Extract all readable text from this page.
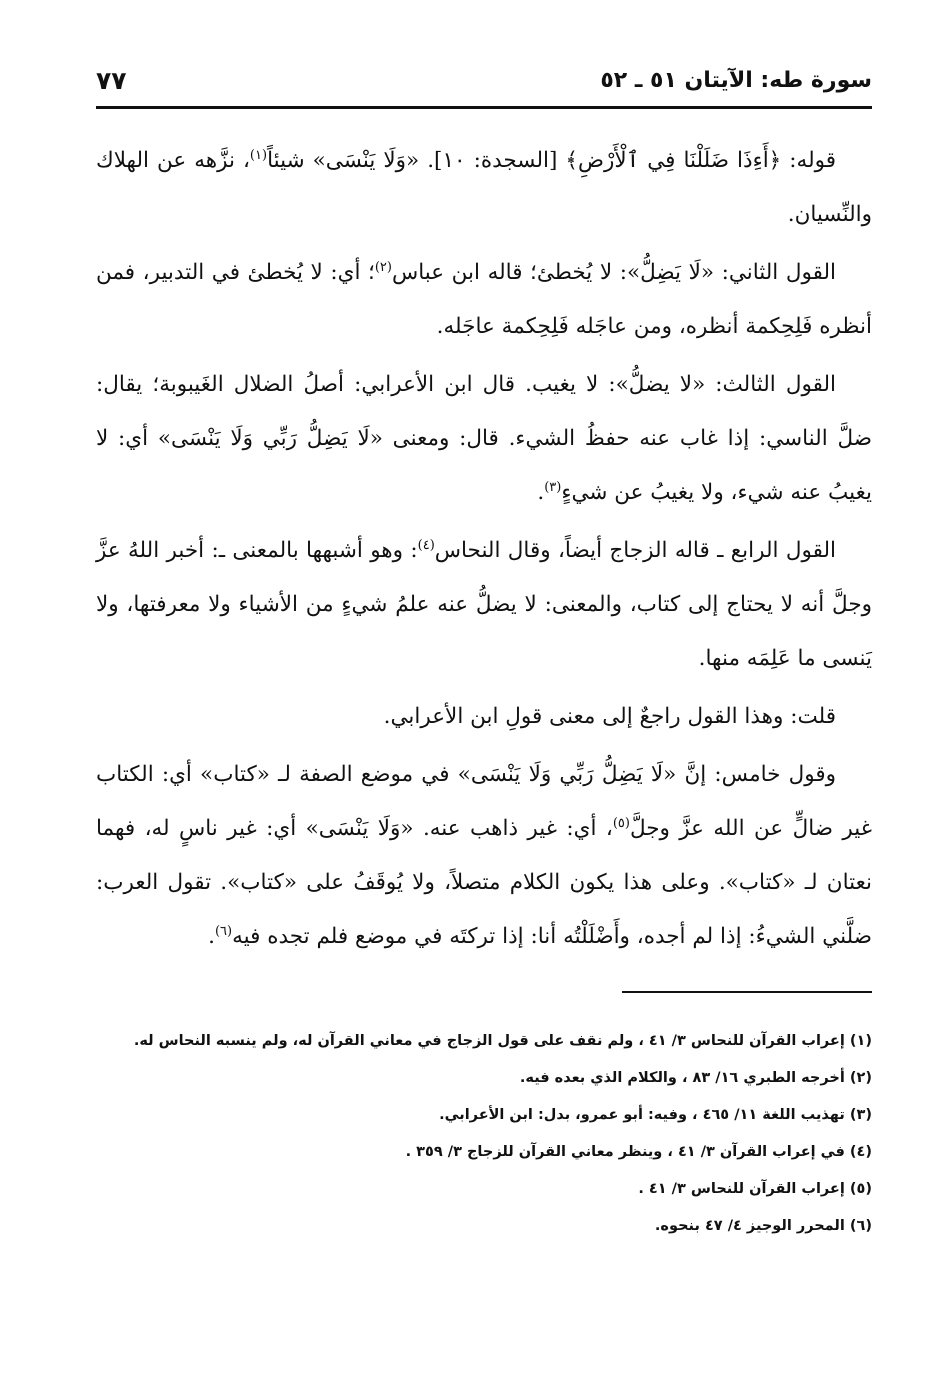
سورة طه: الآيتان ٥١ ـ ٥٢
٧٧

قوله: ﴿أَءِذَا ضَلَلْنَا فِي ٱلْأَرْضِ﴾ [السجدة: ١٠]. «وَلَا يَنْسَى» شيئاً$^{(١)}$، نزَّهه عن الهلاك والنِّسيان.

القول الثاني: «لَا يَضِلُّ»: لا يُخطئ؛ قاله ابن عباس$^{(٢)}$؛ أي: لا يُخطئ في التدبير، فمن أنظره فَلِحِكمة أنظره، ومن عاجَله فَلِحِكمة عاجَله.

القول الثالث: «لا يضلُّ»: لا يغيب. قال ابن الأعرابي: أصلُ الضلال الغَيبوبة؛ يقال: ضلَّ الناسي: إذا غاب عنه حفظُ الشيء. قال: ومعنى «لَا يَضِلُّ رَبِّي وَلَا يَنْسَى» أي: لا يغيبُ عنه شيء، ولا يغيبُ عن شيءٍ$^{(٣)}$.

القول الرابع ـ قاله الزجاج أيضاً، وقال النحاس$^{(٤)}$: وهو أشبهها بالمعنى ـ: أخبر اللهُ عزَّ وجلَّ أنه لا يحتاج إلى كتاب، والمعنى: لا يضلُّ عنه علمُ شيءٍ من الأشياء ولا معرفتها، ولا يَنسى ما عَلِمَه منها.

قلت: وهذا القول راجعٌ إلى معنى قولِ ابن الأعرابي.

وقول خامس: إنَّ «لَا يَضِلُّ رَبِّي وَلَا يَنْسَى» في موضع الصفة لـ «كتاب» أي: الكتاب غير ضالٍّ عن الله عزَّ وجلَّ$^{(٥)}$، أي: غير ذاهب عنه. «وَلَا يَنْسَى» أي: غير ناسٍ له، فهما نعتان لـ «كتاب». وعلى هذا يكون الكلام متصلاً، ولا يُوقَفُ على «كتاب». تقول العرب: ضلَّني الشيءُ: إذا لم أجده، وأَضْلَلْتُه أنا: إذا تركتَه في موضع فلم تجده فيه$^{(٦)}$.

(١) إعراب القرآن للنحاس ٣/ ٤١ ، ولم نقف على قول الزجاج في معاني القرآن له، ولم ينسبه النحاس له.
(٢) أخرجه الطبري ١٦/ ٨٣ ، والكلام الذي بعده فيه.
(٣) تهذيب اللغة ١١/ ٤٦٥ ، وفيه: أبو عمرو، بدل: ابن الأعرابي.
(٤) في إعراب القرآن ٣/ ٤١ ، وينظر معاني القرآن للزجاج ٣/ ٣٥٩ .
(٥) إعراب القرآن للنحاس ٣/ ٤١ .
(٦) المحرر الوجيز ٤/ ٤٧ بنحوه.
